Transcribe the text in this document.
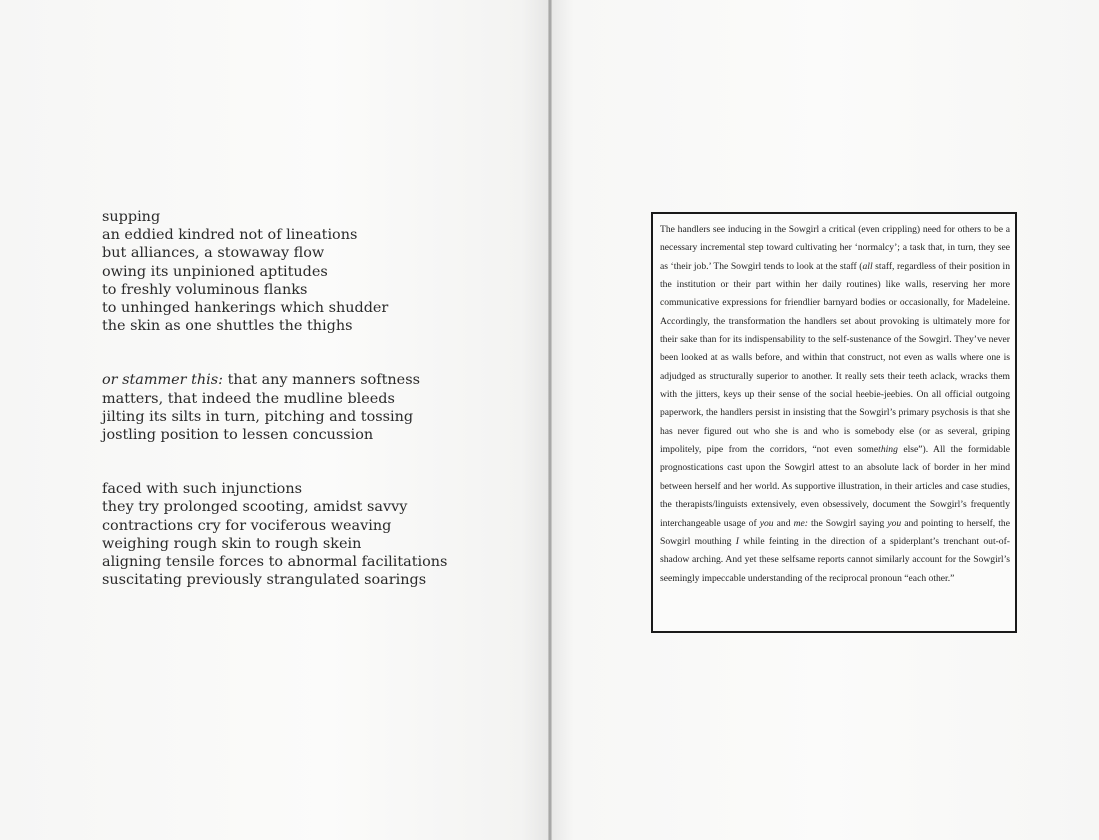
supping
an eddied kindred not of lineations
but alliances, a stowaway flow
owing its unpinioned aptitudes
to freshly voluminous flanks
to unhinged hankerings which shudder
the skin as one shuttles the thighs
or stammer this: that any manners softness
matters, that indeed the mudline bleeds
jilting its silts in turn, pitching and tossing
jostling position to lessen concussion
faced with such injunctions
they try prolonged scooting, amidst savvy
contractions cry for vociferous weaving
weighing rough skin to rough skein
aligning tensile forces to abnormal facilitations
suscitating previously strangulated soarings

The handlers see inducing in the Sowgirl a critical (even crippling) need for others to be a necessary incremental step toward cultivating her ‘normalcy’; a task that, in turn, they see as ‘their job.’ The Sowgirl tends to look at the staff (all staff, regardless of their position in the institution or their part within her daily routines) like walls, reserving her more communicative expressions for friendlier barnyard bodies or occasionally, for Madeleine. Accordingly, the transformation the handlers set about provoking is ultimately more for their sake than for its indispensability to the self-sustenance of the Sowgirl. They’ve never been looked at as walls before, and within that construct, not even as walls where one is adjudged as structurally superior to another. It really sets their teeth aclack, wracks them with the jitters, keys up their sense of the social heebie-jeebies. On all official outgoing paperwork, the handlers persist in insisting that the Sowgirl’s primary psychosis is that she has never figured out who she is and who is somebody else (or as several, griping impolitely, pipe from the corridors, “not even something else”). All the formidable prognostications cast upon the Sowgirl attest to an absolute lack of border in her mind between herself and her world. As supportive illustration, in their articles and case studies, the therapists/linguists extensively, even obsessively, document the Sowgirl’s frequently interchangeable usage of you and me: the Sowgirl saying you and pointing to herself, the Sowgirl mouthing I while feinting in the direction of a spiderplant’s trenchant out-of-shadow arching. And yet these selfsame reports cannot similarly account for the Sowgirl’s seemingly impeccable understanding of the reciprocal pronoun “each other.”
